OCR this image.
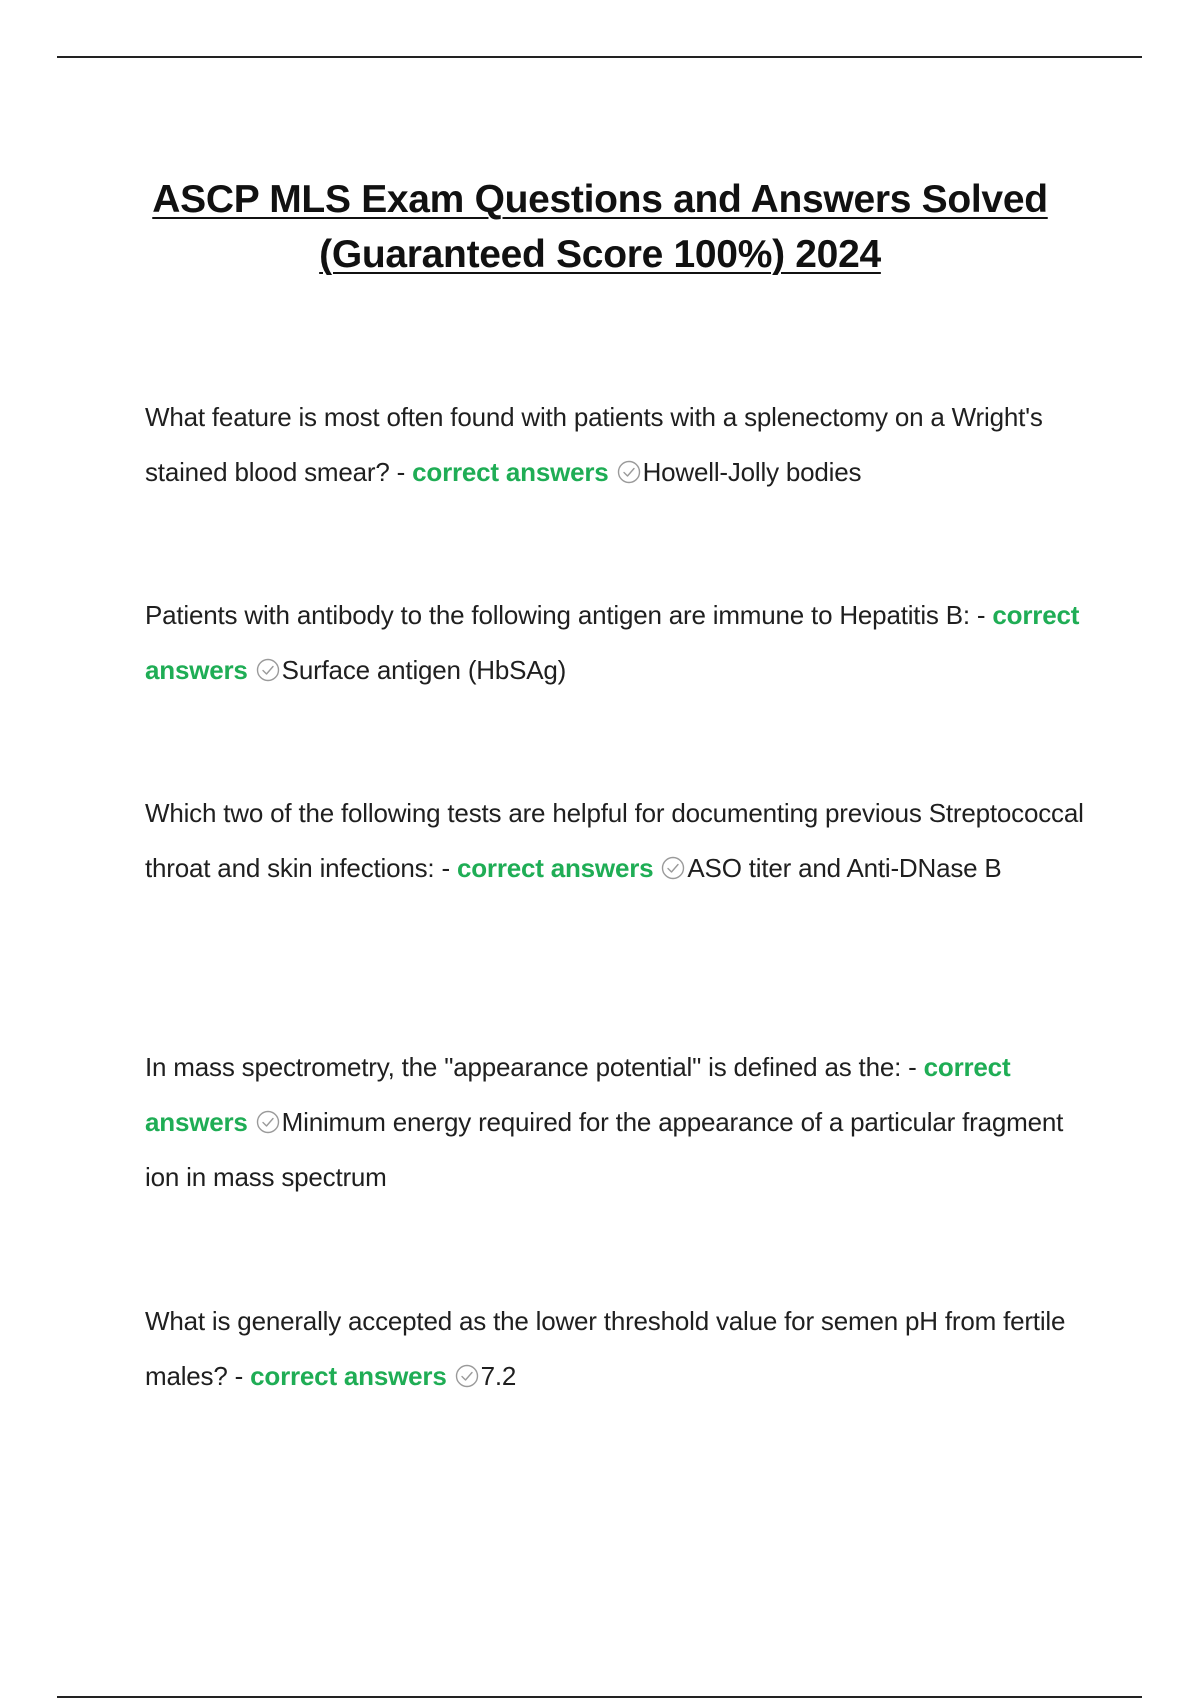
ASCP MLS Exam Questions and Answers Solved
(Guaranteed Score 100%) 2024
What feature is most often found with patients with a splenectomy on a Wright's stained blood smear? - correct answers Howell-Jolly bodies
Patients with antibody to the following antigen are immune to Hepatitis B: - correct answers Surface antigen (HbSAg)
Which two of the following tests are helpful for documenting previous Streptococcal throat and skin infections: - correct answers ASO titer and Anti-DNase B
In mass spectrometry, the "appearance potential" is defined as the: - correct answers Minimum energy required for the appearance of a particular fragment ion in mass spectrum
What is generally accepted as the lower threshold value for semen pH from fertile males? - correct answers 7.2
